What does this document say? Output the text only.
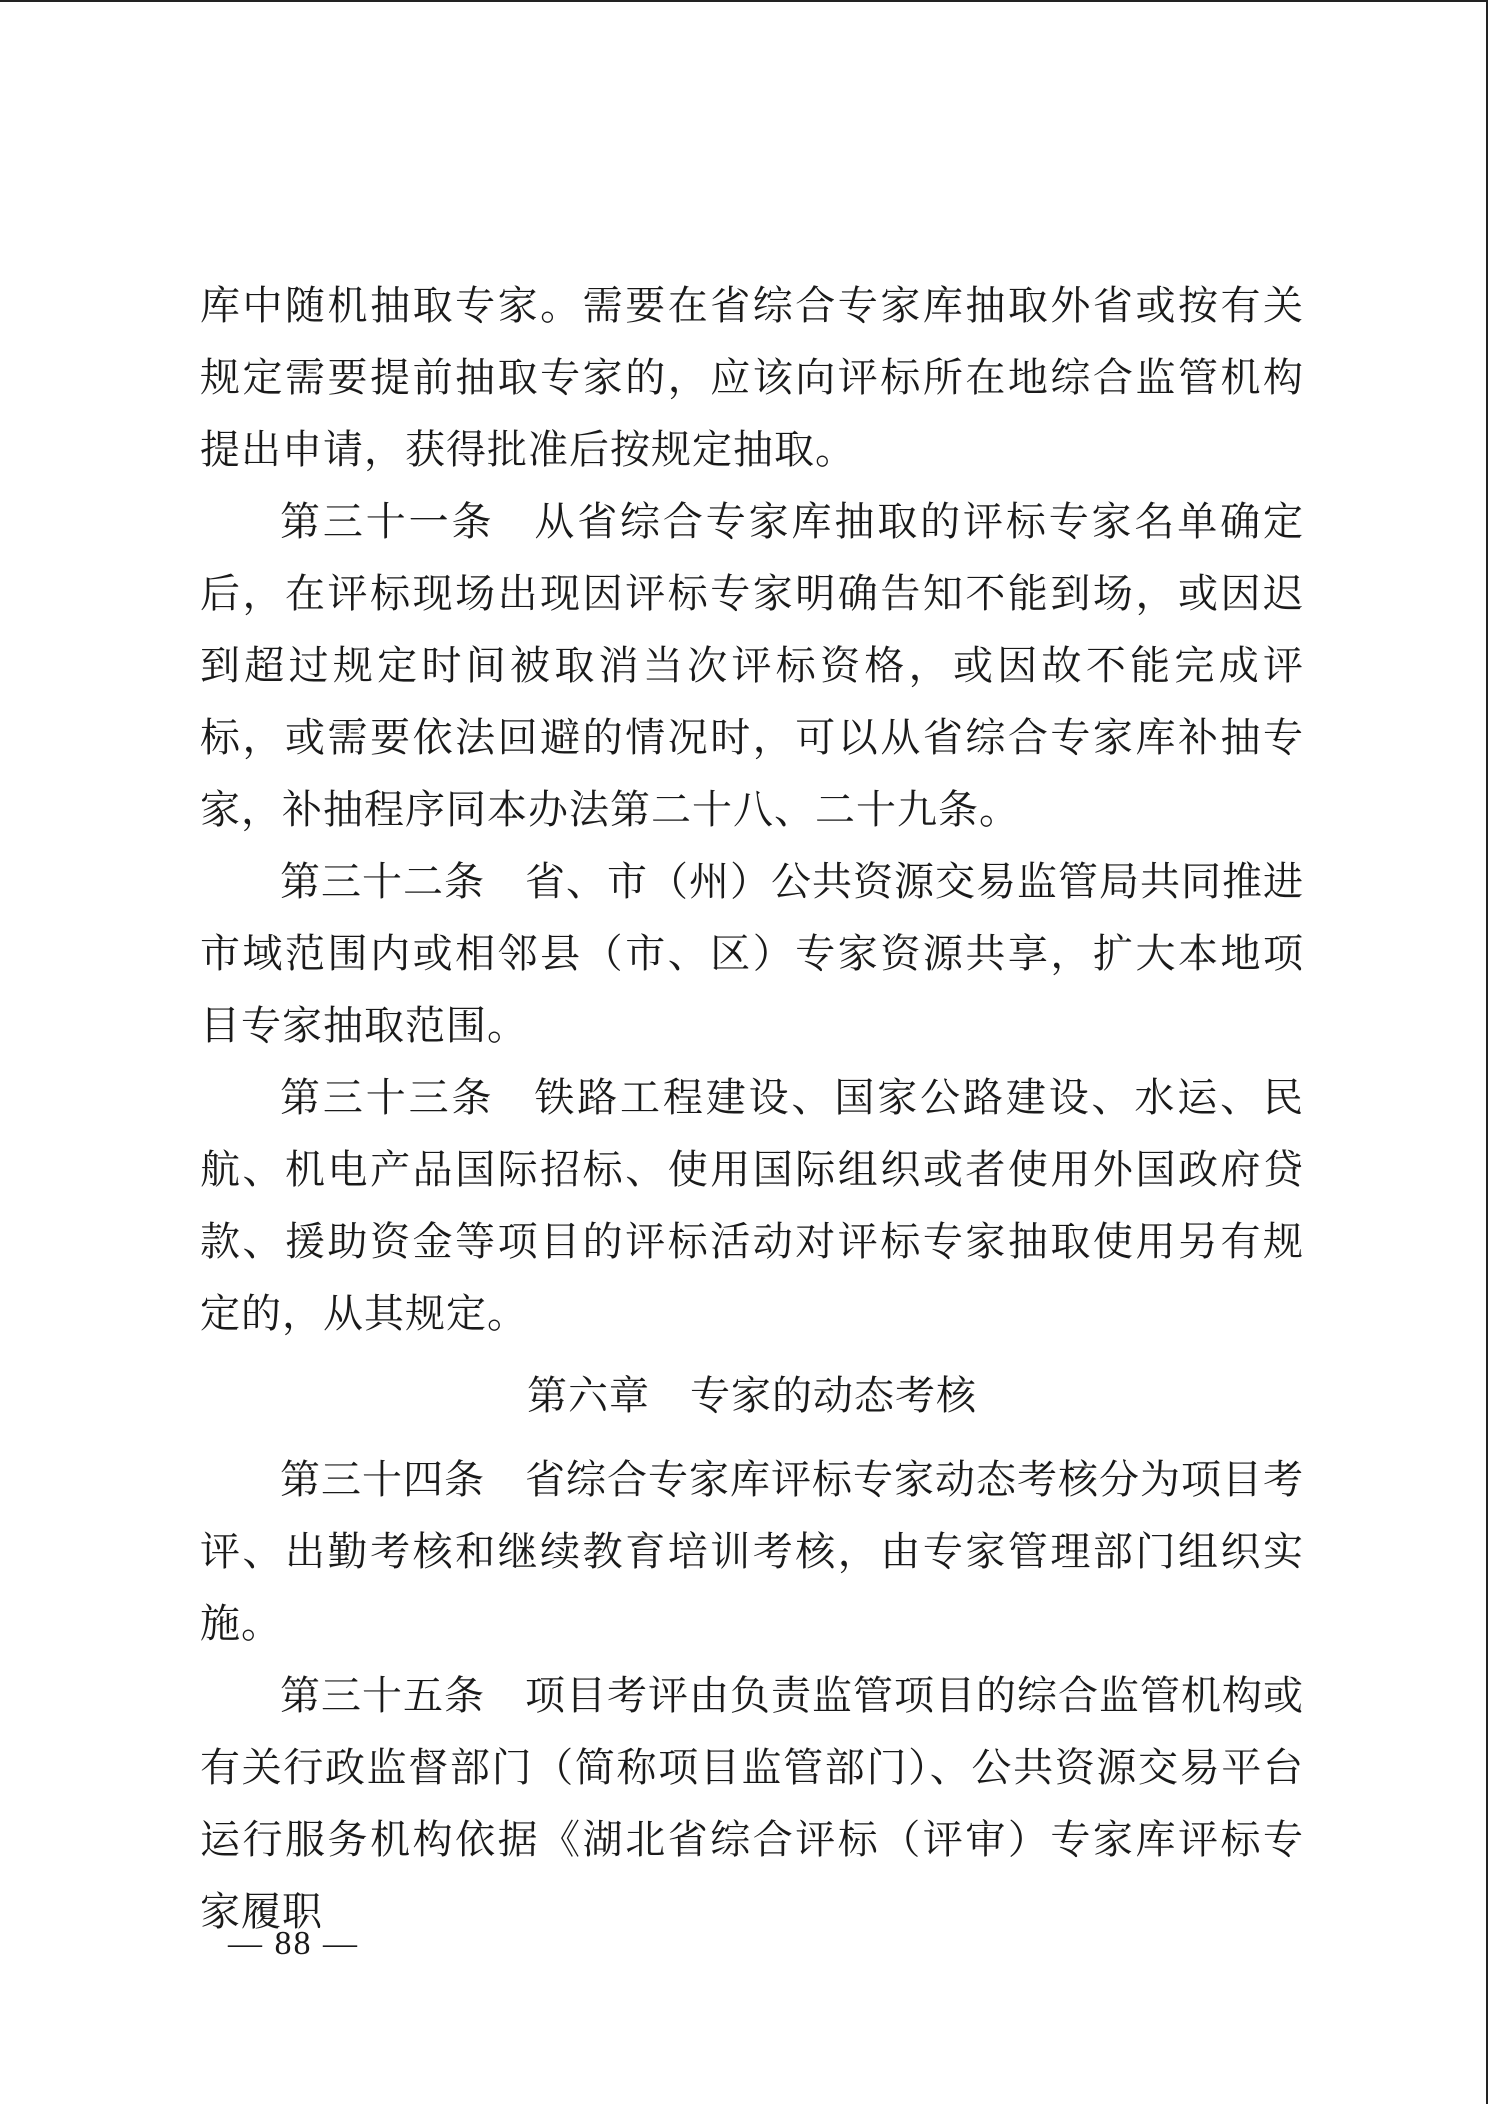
库中随机抽取专家。需要在省综合专家库抽取外省或按有关规定需要提前抽取专家的，应该向评标所在地综合监管机构提出申请，获得批准后按规定抽取。

第三十一条 从省综合专家库抽取的评标专家名单确定后，在评标现场出现因评标专家明确告知不能到场，或因迟到超过规定时间被取消当次评标资格，或因故不能完成评标，或需要依法回避的情况时，可以从省综合专家库补抽专家，补抽程序同本办法第二十八、二十九条。

第三十二条 省、市（州）公共资源交易监管局共同推进市域范围内或相邻县（市、区）专家资源共享，扩大本地项目专家抽取范围。

第三十三条 铁路工程建设、国家公路建设、水运、民航、机电产品国际招标、使用国际组织或者使用外国政府贷款、援助资金等项目的评标活动对评标专家抽取使用另有规定的，从其规定。

第六章 专家的动态考核

第三十四条 省综合专家库评标专家动态考核分为项目考评、出勤考核和继续教育培训考核，由专家管理部门组织实施。

第三十五条 项目考评由负责监管项目的综合监管机构或有关行政监督部门（简称项目监管部门）、公共资源交易平台运行服务机构依据《湖北省综合评标（评审）专家库评标专家履职

— 88 —
